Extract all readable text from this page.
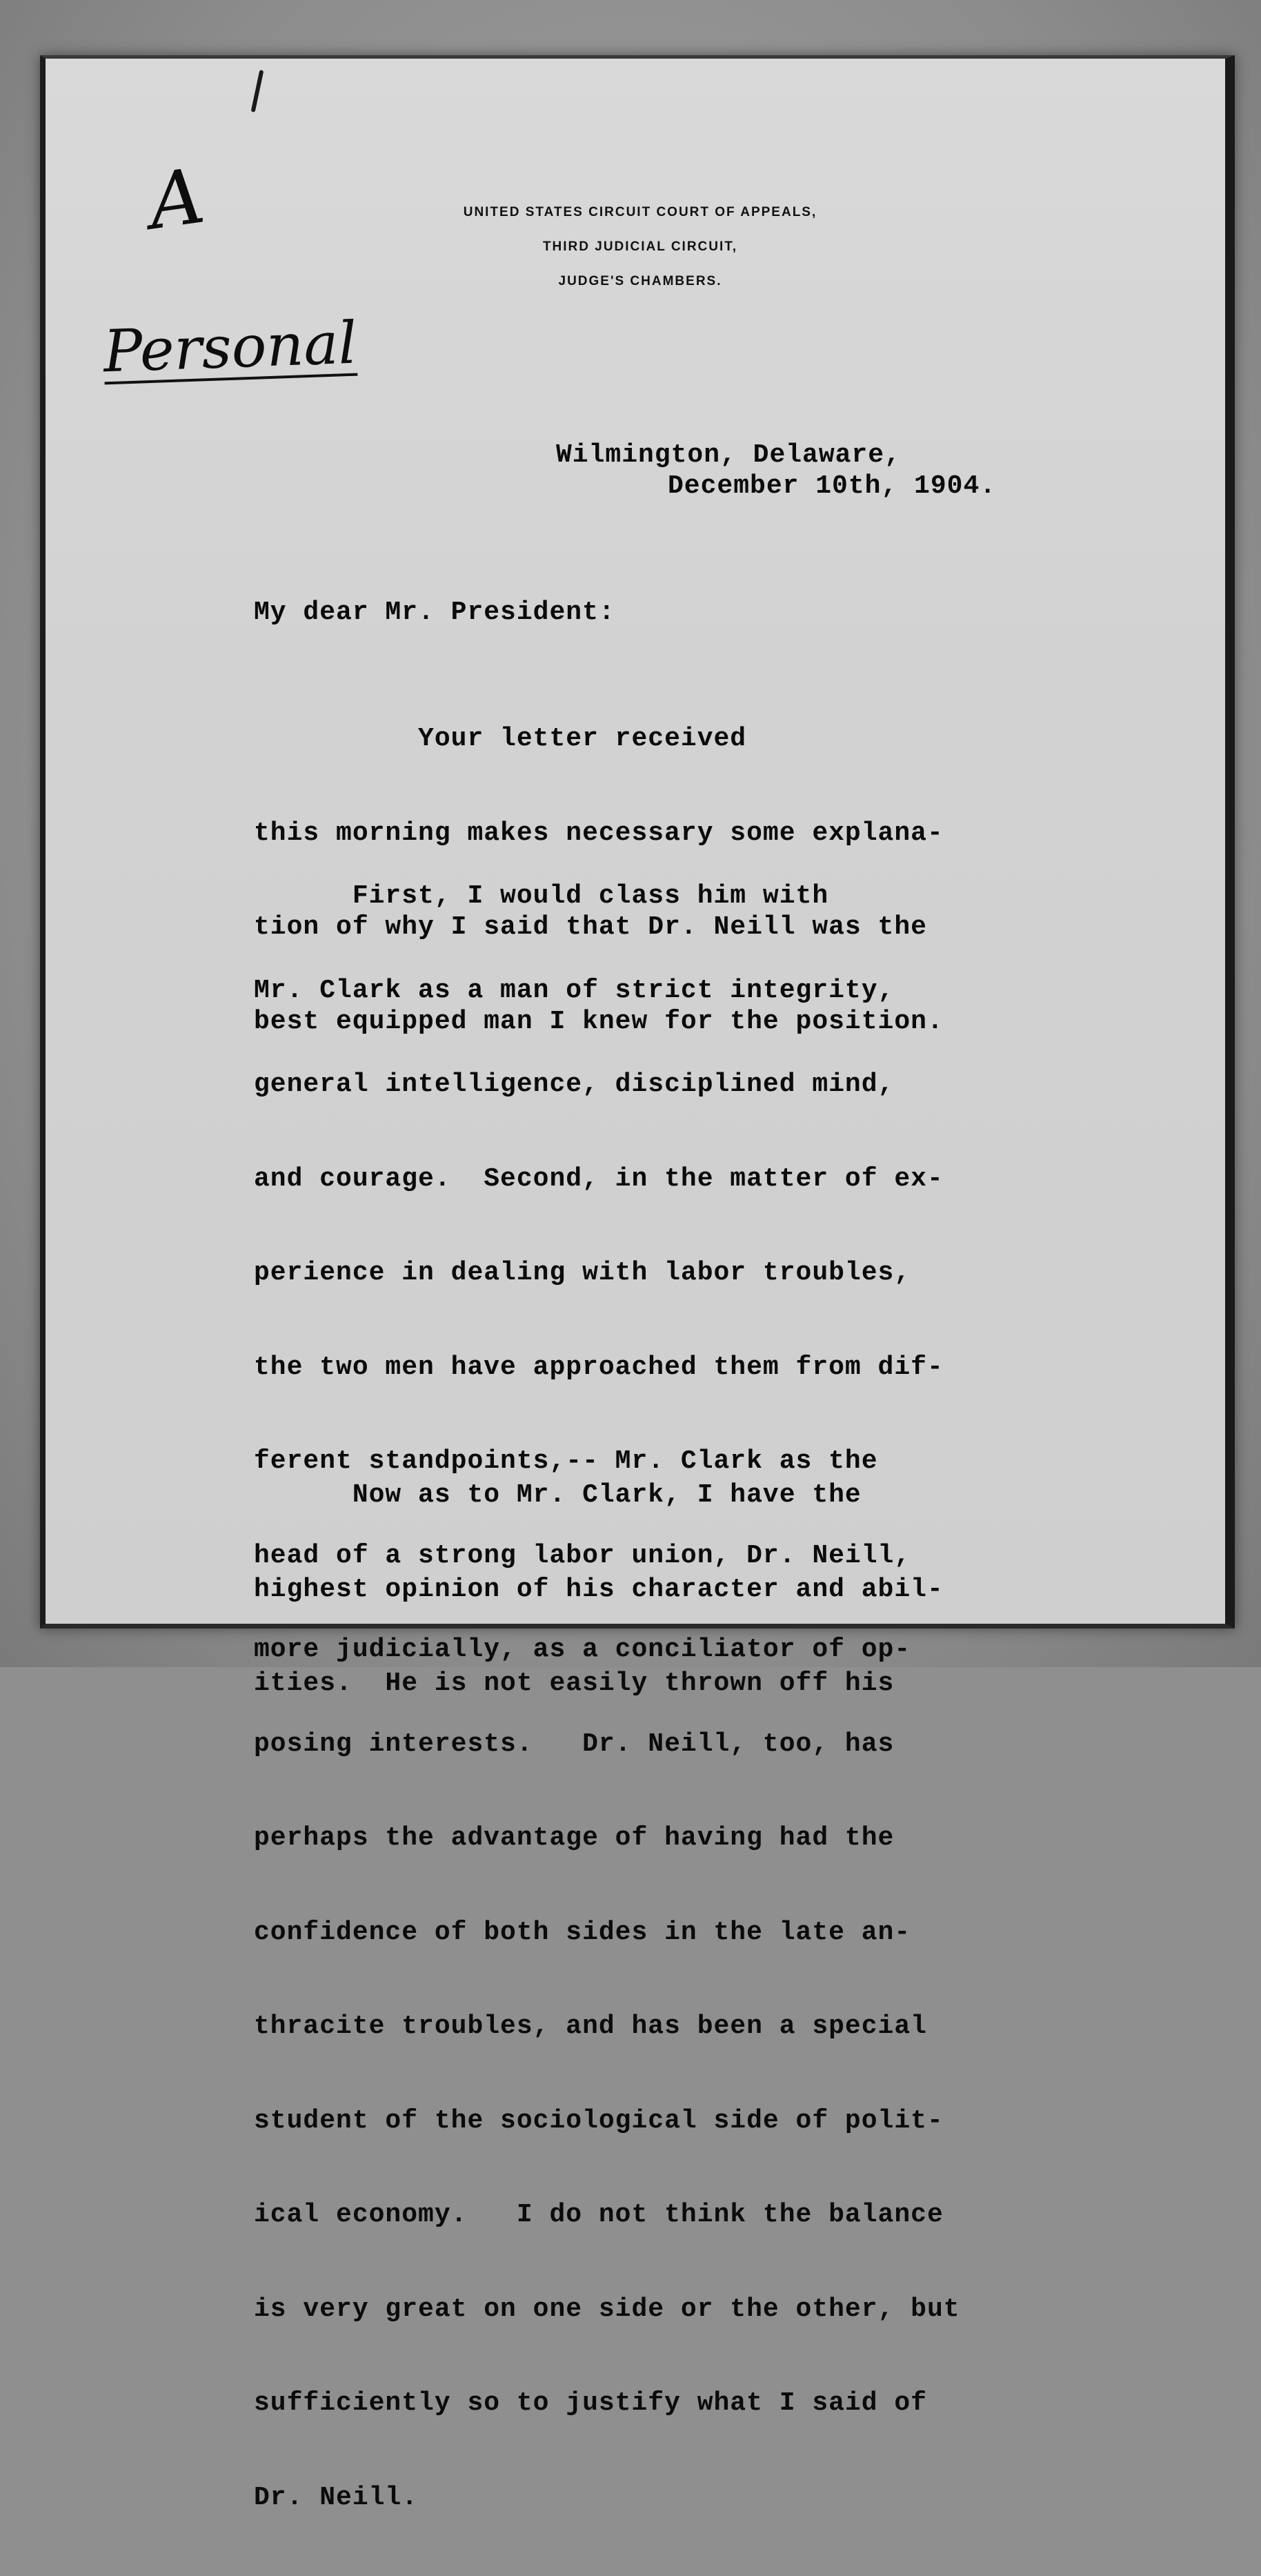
A
Personal
UNITED STATES CIRCUIT COURT OF APPEALS,
THIRD JUDICIAL CIRCUIT,
JUDGE'S CHAMBERS.
Wilmington, Delaware,
December 10th, 1904.
My dear Mr. President:

Your letter received

this morning makes necessary some explana-

tion of why I said that Dr. Neill was the

best equipped man I knew for the position.

First, I would class him with

Mr. Clark as a man of strict integrity,

general intelligence, disciplined mind,

and courage.  Second, in the matter of ex-

perience in dealing with labor troubles,

the two men have approached them from dif-

ferent standpoints,-- Mr. Clark as the

head of a strong labor union, Dr. Neill,

more judicially, as a conciliator of op-

posing interests.   Dr. Neill, too, has

perhaps the advantage of having had the

confidence of both sides in the late an-

thracite troubles, and has been a special

student of the sociological side of polit-

ical economy.   I do not think the balance

is very great on one side or the other, but

sufficiently so to justify what I said of

Dr. Neill.

Now as to Mr. Clark, I have the

highest opinion of his character and abil-

ities.  He is not easily thrown off his
